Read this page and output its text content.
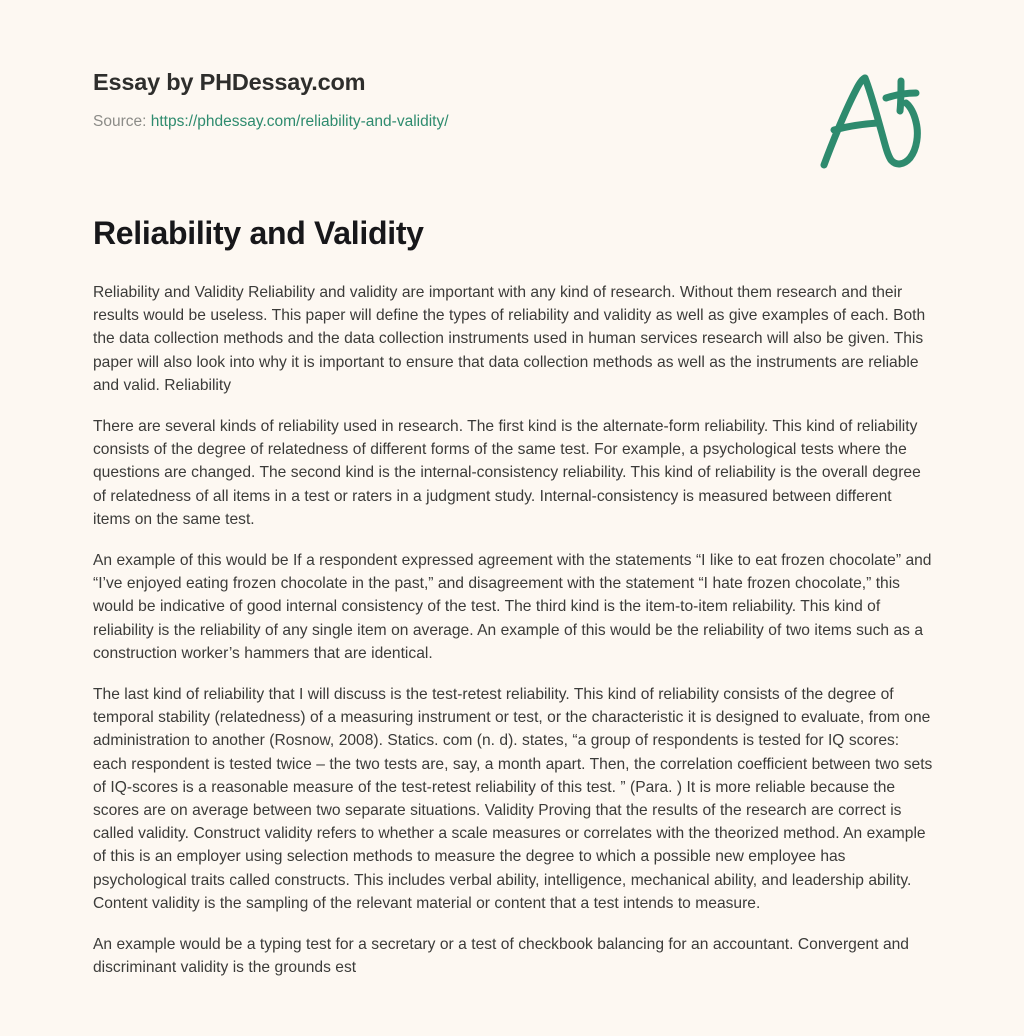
Essay by PHDessay.com
Source: https://phdessay.com/reliability-and-validity/
Reliability and Validity

Reliability and Validity Reliability and validity are important with any kind of research. Without them research and their results would be useless. This paper will define the types of reliability and validity as well as give examples of each. Both the data collection methods and the data collection instruments used in human services research will also be given. This paper will also look into why it is important to ensure that data collection methods as well as the instruments are reliable and valid. Reliability

There are several kinds of reliability used in research. The first kind is the alternate-form reliability. This kind of reliability consists of the degree of relatedness of different forms of the same test. For example, a psychological tests where the questions are changed. The second kind is the internal-consistency reliability. This kind of reliability is the overall degree of relatedness of all items in a test or raters in a judgment study. Internal-consistency is measured between different items on the same test.

An example of this would be If a respondent expressed agreement with the statements “I like to eat frozen chocolate” and “I’ve enjoyed eating frozen chocolate in the past,” and disagreement with the statement “I hate frozen chocolate,” this would be indicative of good internal consistency of the test. The third kind is the item-to-item reliability. This kind of reliability is the reliability of any single item on average. An example of this would be the reliability of two items such as a construction worker’s hammers that are identical.

The last kind of reliability that I will discuss is the test-retest reliability. This kind of reliability consists of the degree of temporal stability (relatedness) of a measuring instrument or test, or the characteristic it is designed to evaluate, from one administration to another (Rosnow, 2008). Statics. com (n. d). states, “a group of respondents is tested for IQ scores: each respondent is tested twice – the two tests are, say, a month apart. Then, the correlation coefficient between two sets of IQ-scores is a reasonable measure of the test-retest reliability of this test. ” (Para. ) It is more reliable because the scores are on average between two separate situations. Validity Proving that the results of the research are correct is called validity. Construct validity refers to whether a scale measures or correlates with the theorized method. An example of this is an employer using selection methods to measure the degree to which a possible new employee has psychological traits called constructs. This includes verbal ability, intelligence, mechanical ability, and leadership ability. Content validity is the sampling of the relevant material or content that a test intends to measure.

An example would be a typing test for a secretary or a test of checkbook balancing for an accountant. Convergent and discriminant validity is the grounds est
